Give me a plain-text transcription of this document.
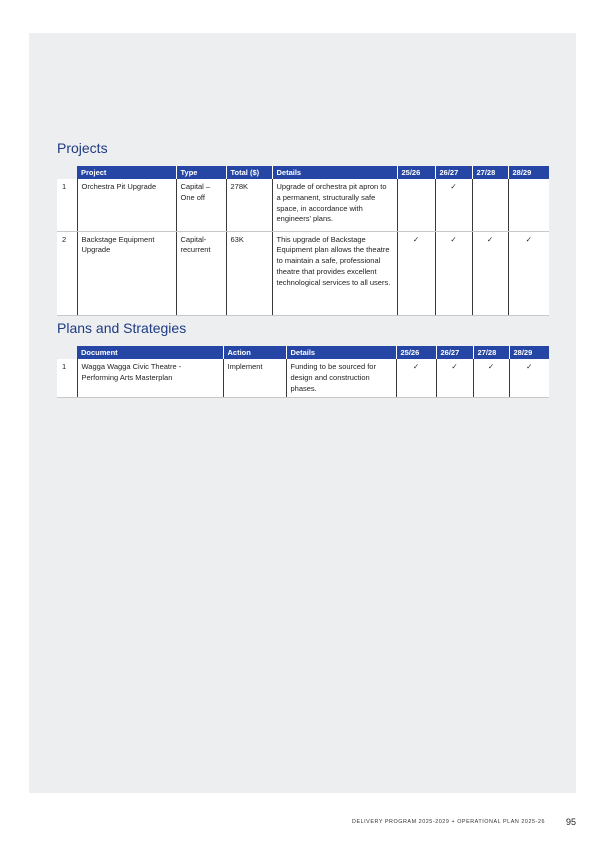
Projects
	Project	Type	Total ($)	Details	25/26	26/27	27/28	28/29
1	Orchestra Pit Upgrade	Capital – One off	278K	Upgrade of orchestra pit apron to a permanent, structurally safe space, in accordance with engineers' plans.		✓		
2	Backstage Equipment Upgrade	Capital-recurrent	63K	This upgrade of Backstage Equipment plan allows the theatre to maintain a safe, professional theatre that provides excellent technological services to all users.	✓	✓	✓	✓
Plans and Strategies
	Document	Action	Details	25/26	26/27	27/28	28/29
1	Wagga Wagga Civic Theatre - Performing Arts Masterplan	Implement	Funding to be sourced for design and construction phases.	✓	✓	✓	✓
DELIVERY PROGRAM 2025-2029 + OPERATIONAL PLAN 2025-26 95
